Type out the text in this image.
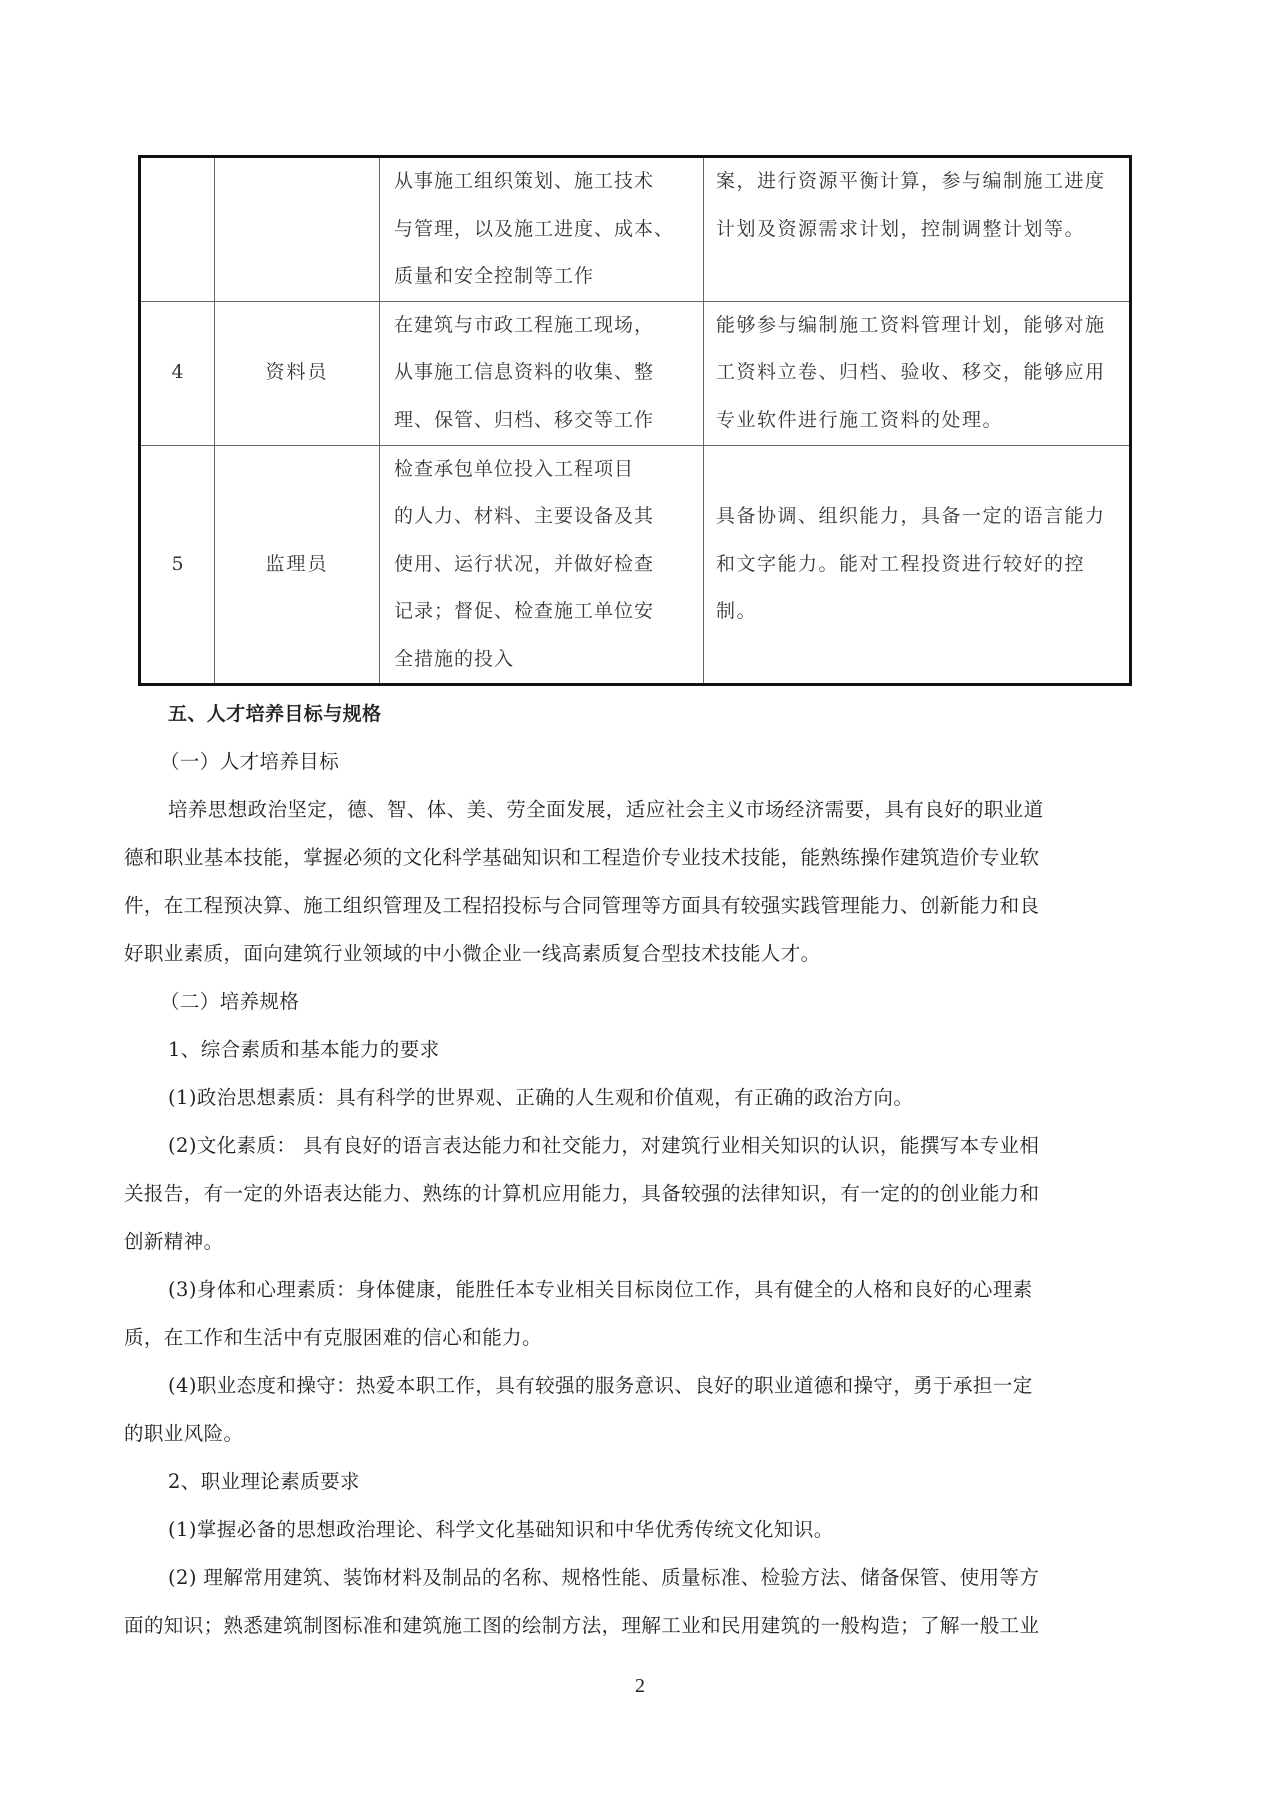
		从事施工组织策划、施工技术
与管理，以及施工进度、成本、
质量和安全控制等工作	案，进行资源平衡计算，参与编制施工进度
计划及资源需求计划，控制调整计划等。

4	资料员	在建筑与市政工程施工现场，
从事施工信息资料的收集、整
理、保管、归档、移交等工作	能够参与编制施工资料管理计划，能够对施
工资料立卷、归档、验收、移交，能够应用
专业软件进行施工资料的处理。

5	监理员	检查承包单位投入工程项目
的人力、材料、主要设备及其
使用、运行状况，并做好检查
记录；督促、检查施工单位安
全措施的投入	具备协调、组织能力，具备一定的语言能力
和文字能力。能对工程投资进行较好的控
制。
五、人才培养目标与规格
（一）人才培养目标
培养思想政治坚定，德、智、体、美、劳全面发展，适应社会主义市场经济需要，具有良好的职业道
德和职业基本技能，掌握必须的文化科学基础知识和工程造价专业技术技能，能熟练操作建筑造价专业软
件，在工程预决算、施工组织管理及工程招投标与合同管理等方面具有较强实践管理能力、创新能力和良
好职业素质，面向建筑行业领域的中小微企业一线高素质复合型技术技能人才。
（二）培养规格
1、综合素质和基本能力的要求
(1)政治思想素质：具有科学的世界观、正确的人生观和价值观，有正确的政治方向。
(2)文化素质： 具有良好的语言表达能力和社交能力，对建筑行业相关知识的认识，能撰写本专业相
关报告，有一定的外语表达能力、熟练的计算机应用能力，具备较强的法律知识，有一定的的创业能力和
创新精神。
(3)身体和心理素质：身体健康，能胜任本专业相关目标岗位工作，具有健全的人格和良好的心理素
质，在工作和生活中有克服困难的信心和能力。
(4)职业态度和操守：热爱本职工作，具有较强的服务意识、良好的职业道德和操守，勇于承担一定
的职业风险。
2、职业理论素质要求
(1)掌握必备的思想政治理论、科学文化基础知识和中华优秀传统文化知识。
(2) 理解常用建筑、装饰材料及制品的名称、规格性能、质量标准、检验方法、储备保管、使用等方
面的知识；熟悉建筑制图标准和建筑施工图的绘制方法，理解工业和民用建筑的一般构造；了解一般工业
2
